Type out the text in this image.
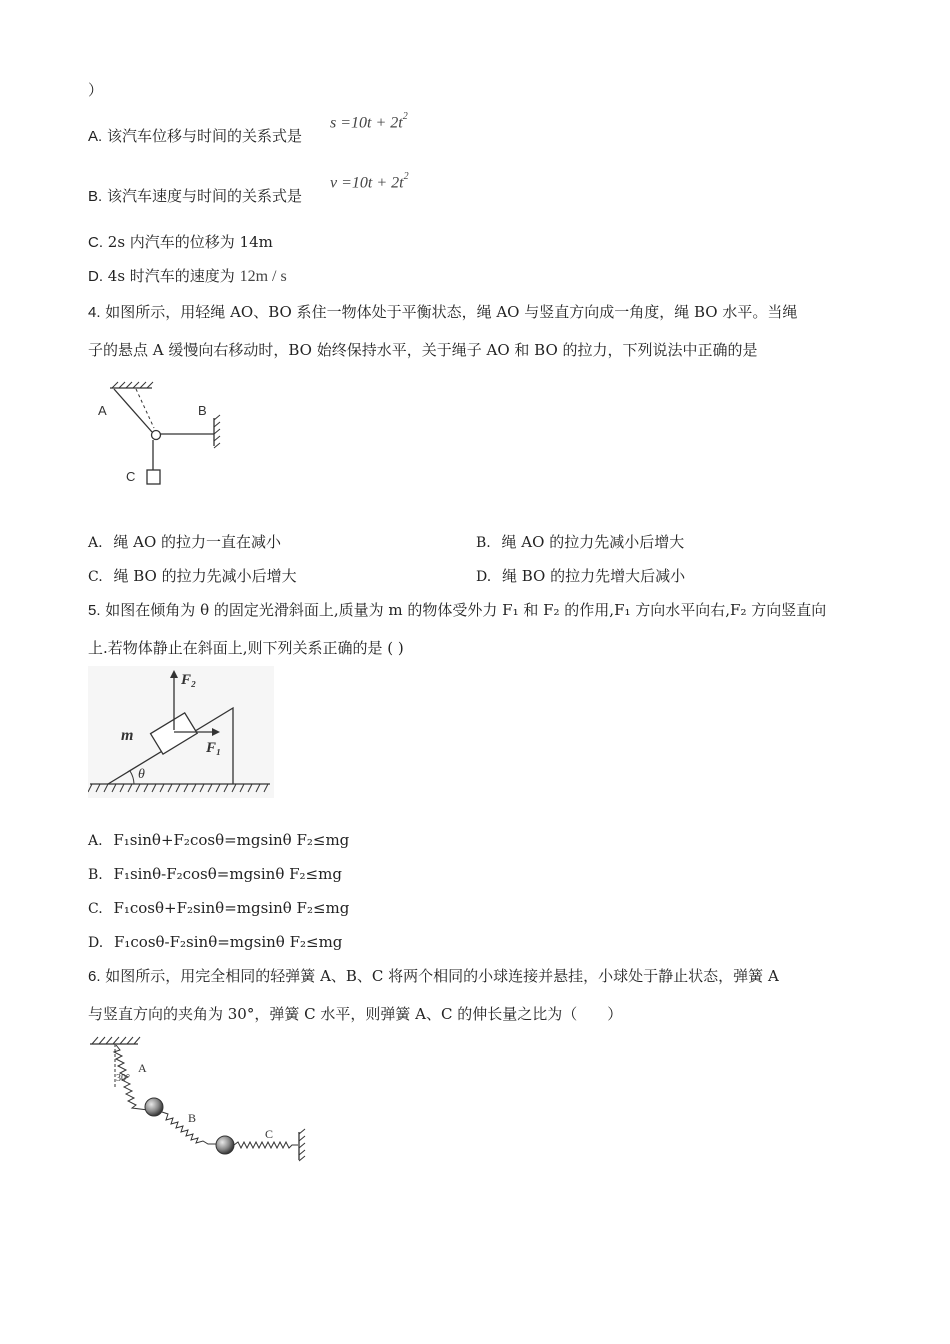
）
A. 该汽车位移与时间的关系式是
$s =10t + 2t^2$
B. 该汽车速度与时间的关系式是
$v =10t + 2t^2$
C. 2s 内汽车的位移为 14m
D. 4s 时汽车的速度为 12m / s
4. 如图所示，用轻绳 AO、BO 系住一物体处于平衡状态，绳 AO 与竖直方向成一角度，绳 BO 水平。当绳
子的悬点 A 缓慢向右移动时，BO 始终保持水平，关于绳子 AO 和 BO 的拉力，下列说法中正确的是
A	B
C
A. 绳 AO 的拉力一直在减小	B. 绳 AO 的拉力先减小后增大
C. 绳 BO 的拉力先减小后增大	D. 绳 BO 的拉力先增大后减小
5. 如图在倾角为 θ 的固定光滑斜面上,质量为 m 的物体受外力 F₁ 和 F₂ 的作用,F₁ 方向水平向右,F₂ 方向竖直向
上.若物体静止在斜面上,则下列关系正确的是 ( )
θ
F₂
F₁
m
A. F₁sinθ+F₂cosθ=mgsinθ F₂≤mg
B. F₁sinθ-F₂cosθ=mgsinθ F₂≤mg
C. F₁cosθ+F₂sinθ=mgsinθ F₂≤mg
D. F₁cosθ-F₂sinθ=mgsinθ F₂≤mg
6. 如图所示，用完全相同的轻弹簧 A、B、C 将两个相同的小球连接并悬挂，小球处于静止状态，弹簧 A
与竖直方向的夹角为 30°，弹簧 C 水平，则弹簧 A、C 的伸长量之比为（　　）
30°
A
B
C
